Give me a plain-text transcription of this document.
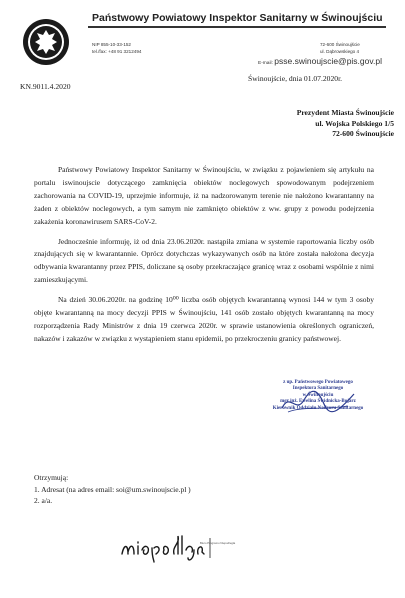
Państwowy Powiatowy Inspektor Sanitarny w Świnoujściu
NIP 855-10-33-152
tel./fax: +48 91 3212494
72-600 Świnoujście
ul. Dąbrowskiego 4
E-mail: psse.swinoujscie@pis.gov.pl
Świnoujście, dnia 01.07.2020r.
KN.9011.4.2020
Prezydent Miasta Świnoujście
ul. Wojska Polskiego 1/5
72-600 Świnoujście

Państwowy Powiatowy Inspektor Sanitarny w Świnoujściu, w związku z pojawieniem się artykułu na portalu iswinoujscie dotyczącego zamknięcia obiektów noclegowych spowodowanym podejrzeniem zachorowania na COVID-19, uprzejmie informuje, iż na nadzorowanym terenie nie nałożono kwarantanny na żaden z obiektów noclegowych, a tym samym nie zamknięto obiektów z ww. grupy z powodu podejrzenia zakażenia koronawirusem SARS-CoV-2.

Jednocześnie informuję, iż od dnia 23.06.2020r. nastąpiła zmiana w systemie raportowania liczby osób znajdujących się w kwarantannie. Oprócz dotychczas wykazywanych osób na które została nałożona decyzja odbywania kwarantanny przez PPIS, doliczane są osoby przekraczające granicę wraz z osobami wspólnie z nimi zamieszkującymi.

Na dzień 30.06.2020r. na godzinę 10⁰⁰ liczba osób objętych kwarantanną wynosi 144 w tym 3 osoby objęte kwarantanną na mocy decyzji PPIS w Świnoujściu, 141 osób zostało objętych kwarantanną na mocy rozporządzenia Rady Ministrów z dnia 19 czerwca 2020r. w sprawie ustanowienia określonych ograniczeń, nakazów i zakazów w związku z wystąpieniem stanu epidemii, po przekroczeniu granicy państwowej.

z up. Państwowego Powiatowego
Inspektora Sanitarnego
w Świnoujściu
mgr inż. Ewelina Świdnicka-Bojarz
Kierownik Oddziału Nadzoru Sanitarnego
Otrzymują:
1. Adresat (na adres email: soi@um.swinoujscie.pl )
2. a/a.
Biuro Programu Niepodległa
